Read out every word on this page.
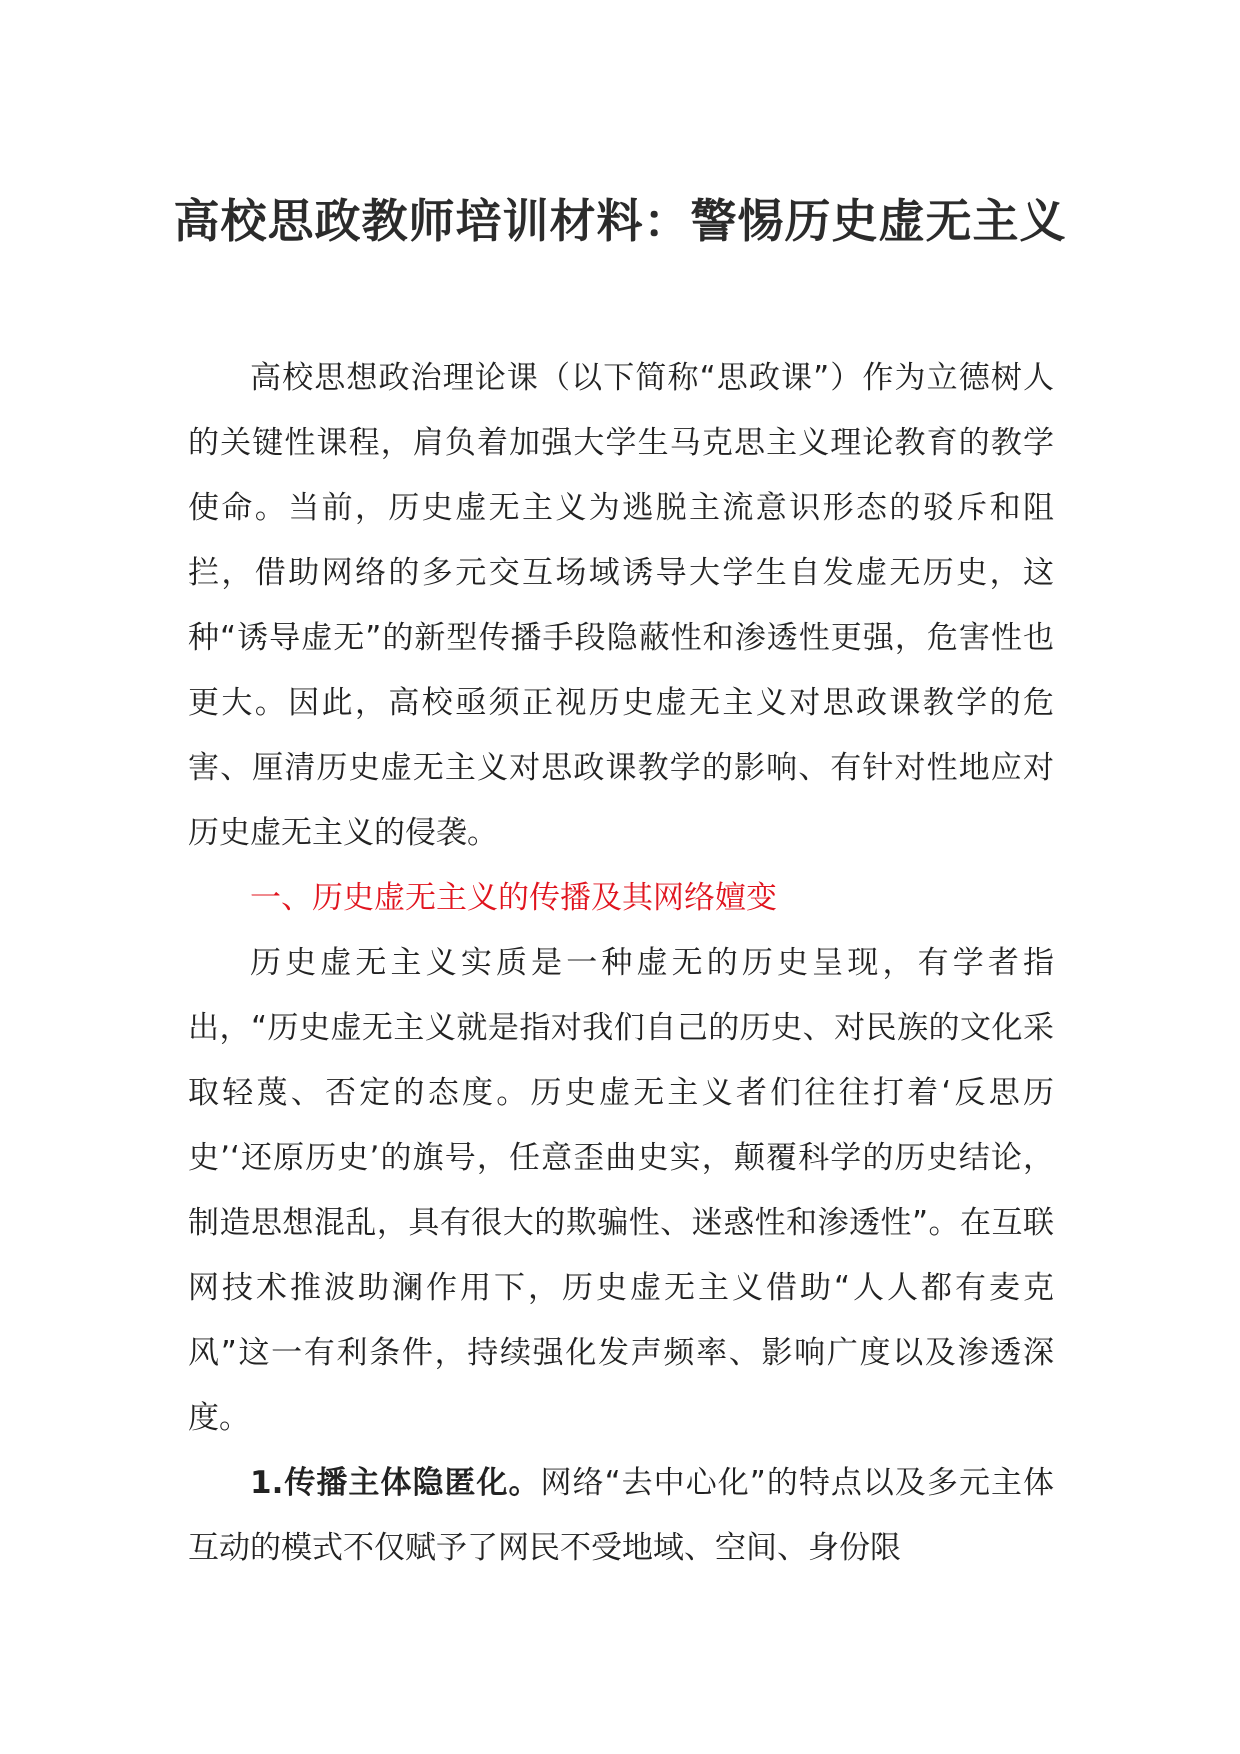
高校思政教师培训材料：警惕历史虚无主义

高校思想政治理论课（以下简称“思政课”）作为立德树人的关键性课程，肩负着加强大学生马克思主义理论教育的教学使命。当前，历史虚无主义为逃脱主流意识形态的驳斥和阻拦，借助网络的多元交互场域诱导大学生自发虚无历史，这种“诱导虚无”的新型传播手段隐蔽性和渗透性更强，危害性也更大。因此，高校亟须正视历史虚无主义对思政课教学的危害、厘清历史虚无主义对思政课教学的影响、有针对性地应对历史虚无主义的侵袭。

一、历史虚无主义的传播及其网络嬗变

历史虚无主义实质是一种虚无的历史呈现，有学者指出，“历史虚无主义就是指对我们自己的历史、对民族的文化采取轻蔑、否定的态度。历史虚无主义者们往往打着‘反思历史’‘还原历史’的旗号，任意歪曲史实，颠覆科学的历史结论，制造思想混乱，具有很大的欺骗性、迷惑性和渗透性”。在互联网技术推波助澜作用下，历史虚无主义借助“人人都有麦克风”这一有利条件，持续强化发声频率、影响广度以及渗透深度。

1.传播主体隐匿化。网络“去中心化”的特点以及多元主体互动的模式不仅赋予了网民不受地域、空间、身份限
